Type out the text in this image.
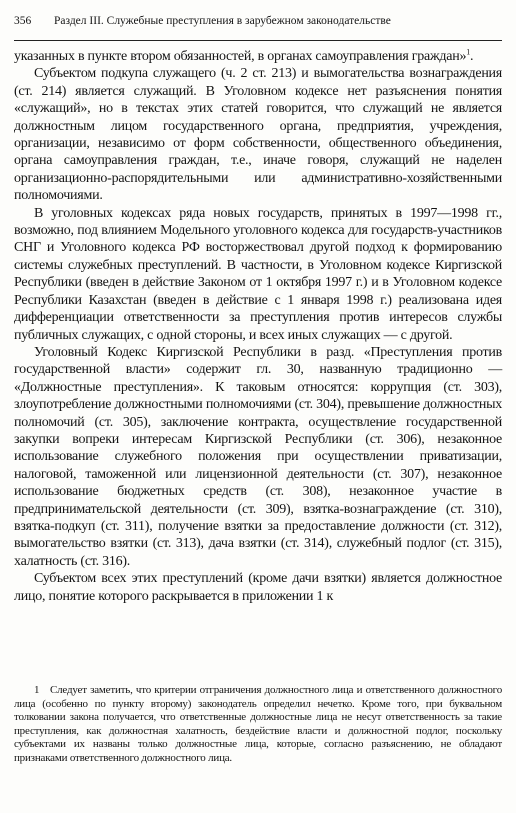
356 Раздел III. Служебные преступления в зарубежном законодательстве

указанных в пункте втором обязанностей, в органах самоуправления граждан»$^1$.

Субъектом подкупа служащего (ч. 2 ст. 213) и вымогательства вознаграждения (ст. 214) является служащий. В Уголовном кодексе нет разъяснения понятия «служащий», но в текстах этих статей говорится, что служащий не является должностным лицом государственного органа, предприятия, учреждения, организации, независимо от форм собственности, общественного объединения, органа самоуправления граждан, т.е., иначе говоря, служащий не наделен организационно-распорядительными или административно-хозяйственными полномочиями.

В уголовных кодексах ряда новых государств, принятых в 1997—1998 гг., возможно, под влиянием Модельного уголовного кодекса для государств-участников СНГ и Уголовного кодекса РФ восторжествовал другой подход к формированию системы служебных преступлений. В частности, в Уголовном кодексе Киргизской Республики (введен в действие Законом от 1 октября 1997 г.) и в Уголовном кодексе Республики Казахстан (введен в действие с 1 января 1998 г.) реализована идея дифференциации ответственности за преступления против интересов службы публичных служащих, с одной стороны, и всех иных служащих — с другой.

Уголовный Кодекс Киргизской Республики в разд. «Преступления против государственной власти» содержит гл. 30, названную традиционно — «Должностные преступления». К таковым относятся: коррупция (ст. 303), злоупотребление должностными полномочиями (ст. 304), превышение должностных полномочий (ст. 305), заключение контракта, осуществление государственной закупки вопреки интересам Киргизской Республики (ст. 306), незаконное использование служебного положения при осуществлении приватизации, налоговой, таможенной или лицензионной деятельности (ст. 307), незаконное использование бюджетных средств (ст. 308), незаконное участие в предпринимательской деятельности (ст. 309), взятка-вознаграждение (ст. 310), взятка-подкуп (ст. 311), получение взятки за предоставление должности (ст. 312), вымогательство взятки (ст. 313), дача взятки (ст. 314), служебный подлог (ст. 315), халатность (ст. 316).

Субъектом всех этих преступлений (кроме дачи взятки) является должностное лицо, понятие которого раскрывается в приложении 1 к

1 Следует заметить, что критерии отграничения должностного лица и ответственного должностного лица (особенно по пункту второму) законодатель определил нечетко. Кроме того, при буквальном толковании закона получается, что ответственные должностные лица не несут ответственность за такие преступления, как должностная халатность, бездействие власти и должностной подлог, поскольку субъектами их названы только должностные лица, которые, согласно разъяснению, не обладают признаками ответственного должностного лица.
